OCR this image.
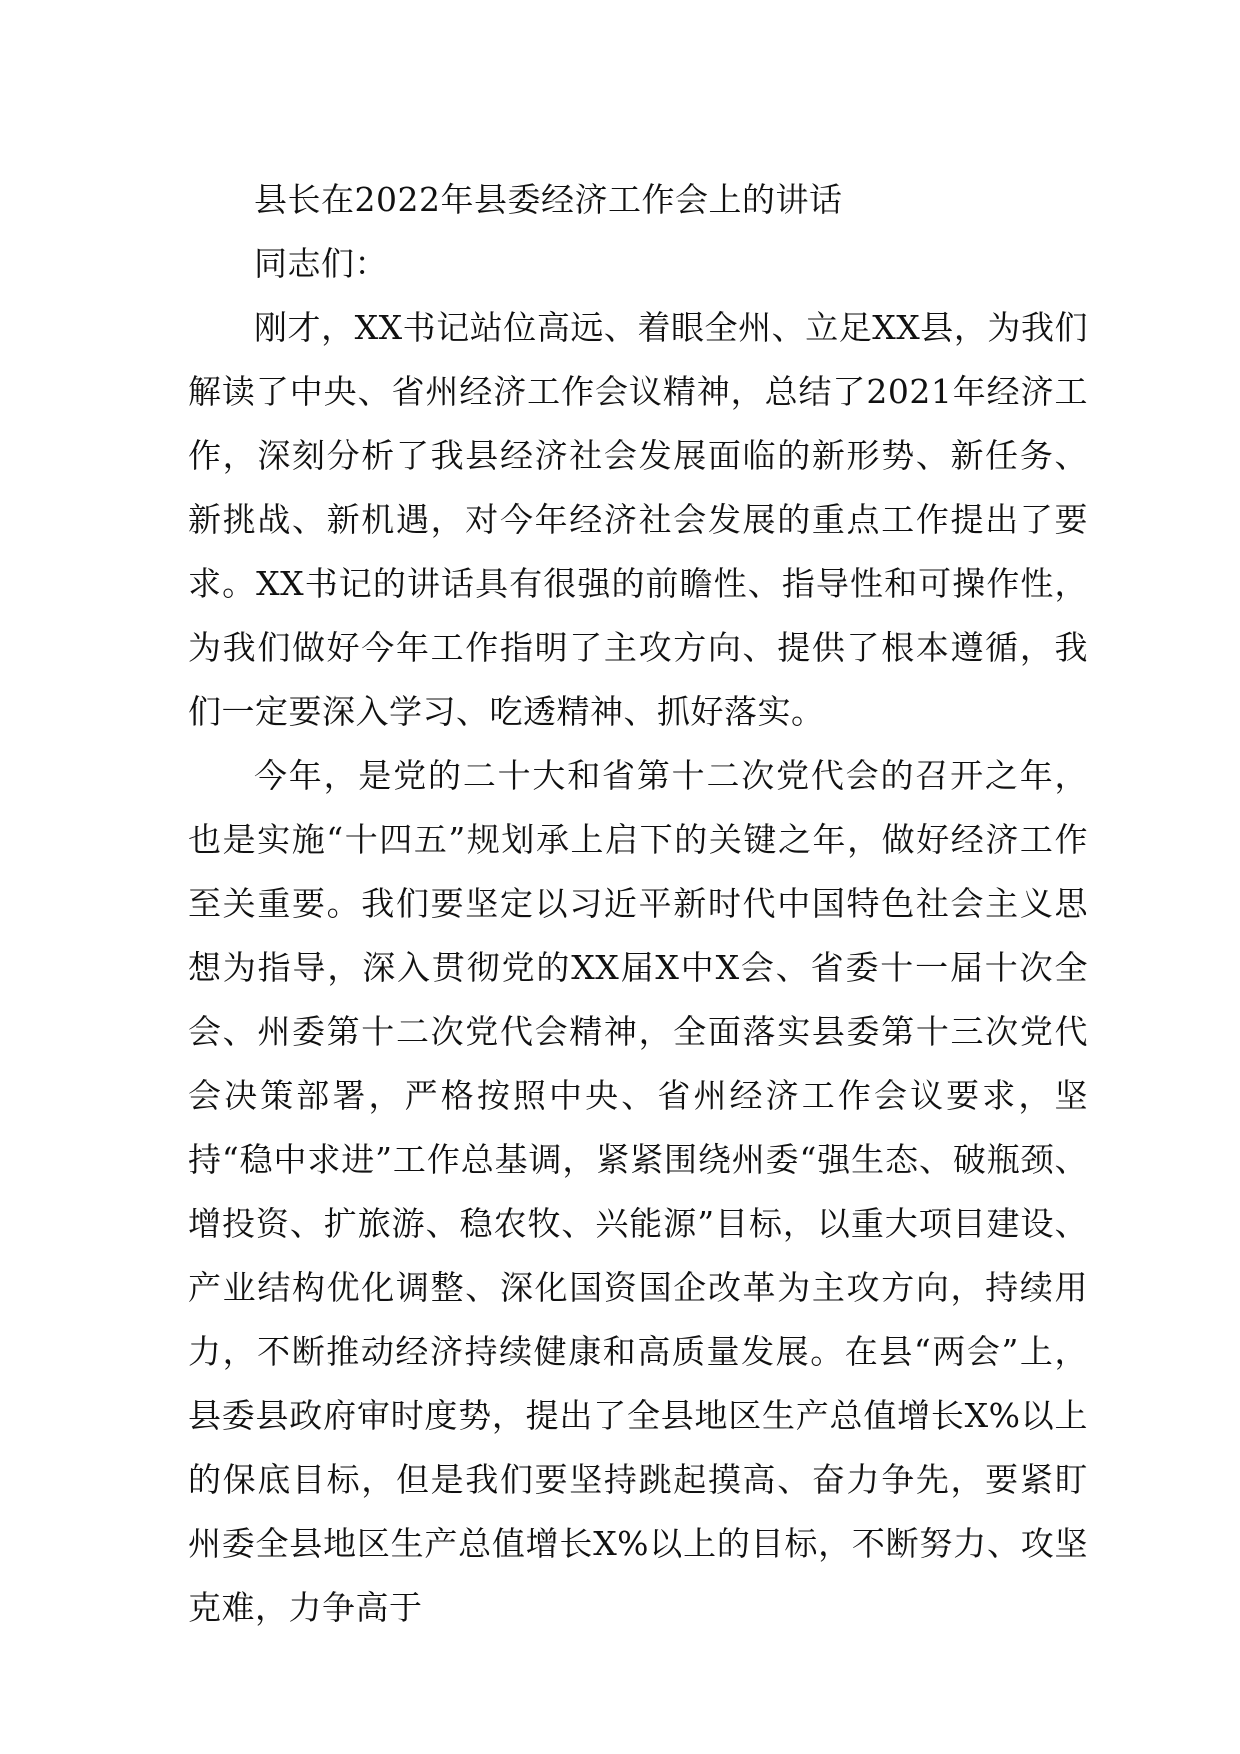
县长在2022年县委经济工作会上的讲话

同志们：

刚才，XX书记站位高远、着眼全州、立足XX县，为我们解读了中央、省州经济工作会议精神，总结了2021年经济工作，深刻分析了我县经济社会发展面临的新形势、新任务、新挑战、新机遇，对今年经济社会发展的重点工作提出了要求。XX书记的讲话具有很强的前瞻性、指导性和可操作性，为我们做好今年工作指明了主攻方向、提供了根本遵循，我们一定要深入学习、吃透精神、抓好落实。

今年，是党的二十大和省第十二次党代会的召开之年，也是实施“十四五”规划承上启下的关键之年，做好经济工作至关重要。我们要坚定以习近平新时代中国特色社会主义思想为指导，深入贯彻党的XX届X中X会、省委十一届十次全会、州委第十二次党代会精神，全面落实县委第十三次党代会决策部署，严格按照中央、省州经济工作会议要求，坚持“稳中求进”工作总基调，紧紧围绕州委“强生态、破瓶颈、增投资、扩旅游、稳农牧、兴能源”目标，以重大项目建设、产业结构优化调整、深化国资国企改革为主攻方向，持续用力，不断推动经济持续健康和高质量发展。在县“两会”上，县委县政府审时度势，提出了全县地区生产总值增长X%以上的保底目标，但是我们要坚持跳起摸高、奋力争先，要紧盯州委全县地区生产总值增长X%以上的目标，不断努力、攻坚克难，力争高于
